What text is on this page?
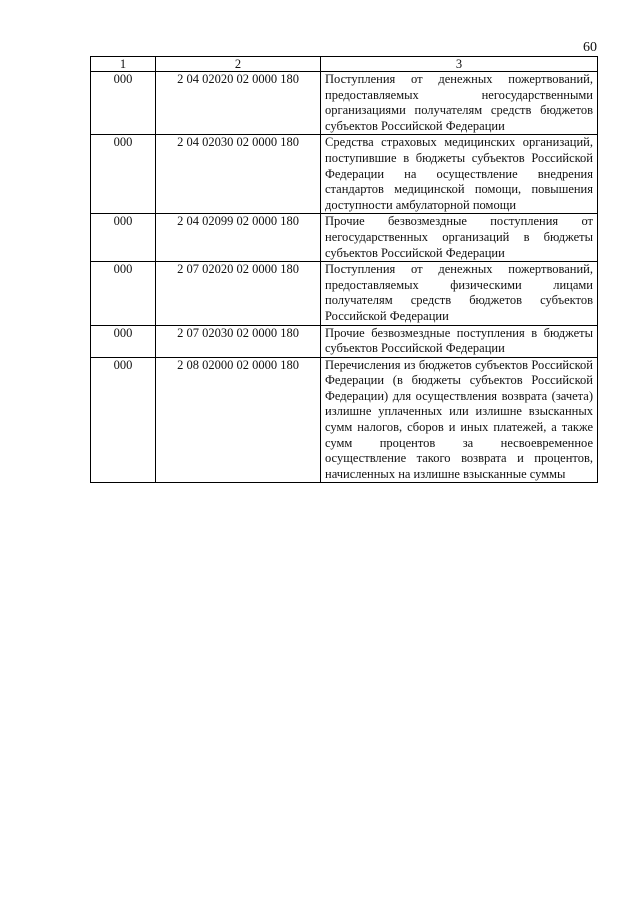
60
1	2	3
000	2 04 02020 02 0000 180	Поступления от денежных пожертвований, предоставляемых негосударственными организациями получателям средств бюджетов субъектов Российской Федерации
000	2 04 02030 02 0000 180	Средства страховых медицинских организаций, поступившие в бюджеты субъектов Российской Федерации на осуществление внедрения стандартов медицинской помощи, повышения доступности амбулаторной помощи
000	2 04 02099 02 0000 180	Прочие безвозмездные поступления от негосударственных организаций в бюджеты субъектов Российской Федерации
000	2 07 02020 02 0000 180	Поступления от денежных пожертвований, предоставляемых физическими лицами получателям средств бюджетов субъектов Российской Федерации
000	2 07 02030 02 0000 180	Прочие безвозмездные поступления в бюджеты субъектов Российской Федерации
000	2 08 02000 02 0000 180	Перечисления из бюджетов субъектов Российской Федерации (в бюджеты субъектов Российской Федерации) для осуществления возврата (зачета) излишне уплаченных или излишне взысканных сумм налогов, сборов и иных платежей, а также сумм процентов за несвоевременное осуществление такого возврата и процентов, начисленных на излишне взысканные суммы
